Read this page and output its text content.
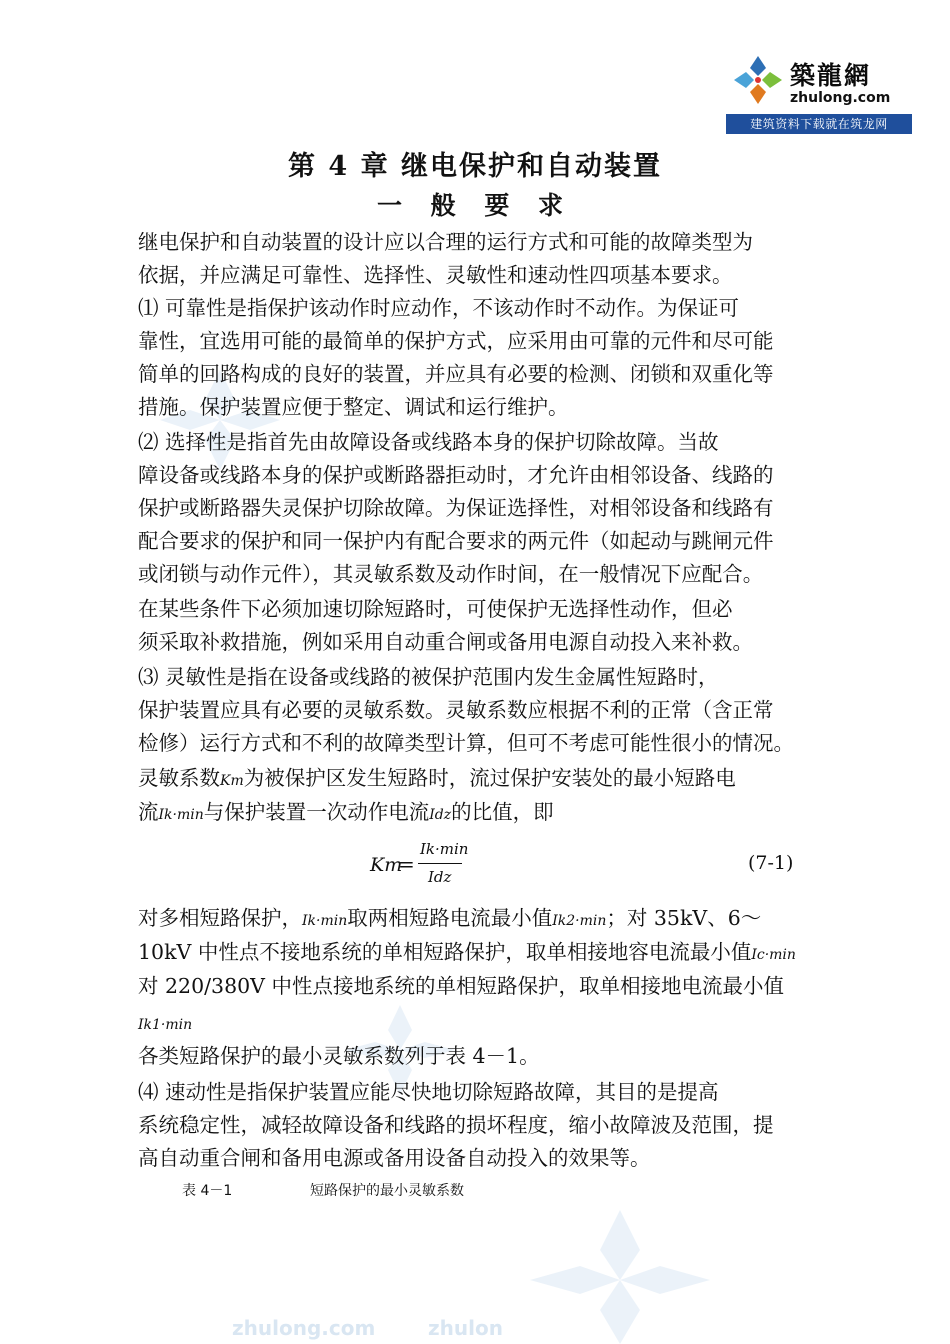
zhulong.com	zhulon
築龍網
zhulong.com
建筑资料下载就在筑龙网
第 4 章 继电保护和自动装置
一 般 要 求
继电保护和自动装置的设计应以合理的运行方式和可能的故障类型为
依据，并应满足可靠性、选择性、灵敏性和速动性四项基本要求。
⑴ 可靠性是指保护该动作时应动作，不该动作时不动作。为保证可
靠性，宜选用可能的最简单的保护方式，应采用由可靠的元件和尽可能
简单的回路构成的良好的装置，并应具有必要的检测、闭锁和双重化等
措施。保护装置应便于整定、调试和运行维护。
⑵ 选择性是指首先由故障设备或线路本身的保护切除故障。当故
障设备或线路本身的保护或断路器拒动时，才允许由相邻设备、线路的
保护或断路器失灵保护切除故障。为保证选择性，对相邻设备和线路有
配合要求的保护和同一保护内有配合要求的两元件（如起动与跳闸元件
或闭锁与动作元件），其灵敏系数及动作时间，在一般情况下应配合。
在某些条件下必须加速切除短路时，可使保护无选择性动作，但必
须采取补救措施，例如采用自动重合闸或备用电源自动投入来补救。
⑶ 灵敏性是指在设备或线路的被保护范围内发生金属性短路时，
保护装置应具有必要的灵敏系数。灵敏系数应根据不利的正常（含正常
检修）运行方式和不利的故障类型计算，但可不考虑可能性很小的情况。
灵敏系数Km为被保护区发生短路时，流过保护安装处的最小短路电
流Ik·min与保护装置一次动作电流Idz的比值，即
Km
=
Ik·min
Idz
(7-1)
对多相短路保护，Ik·min取两相短路电流最小值Ik2·min；对 35kV、6～
10kV 中性点不接地系统的单相短路保护，取单相接地容电流最小值Ic·min
对 220/380V 中性点接地系统的单相短路保护，取单相接地电流最小值
Ik1·min
各类短路保护的最小灵敏系数列于表 4－1。
⑷ 速动性是指保护装置应能尽快地切除短路故障，其目的是提高
系统稳定性，减轻故障设备和线路的损坏程度，缩小故障波及范围，提
高自动重合闸和备用电源或备用设备自动投入的效果等。
表 4－1	短路保护的最小灵敏系数
